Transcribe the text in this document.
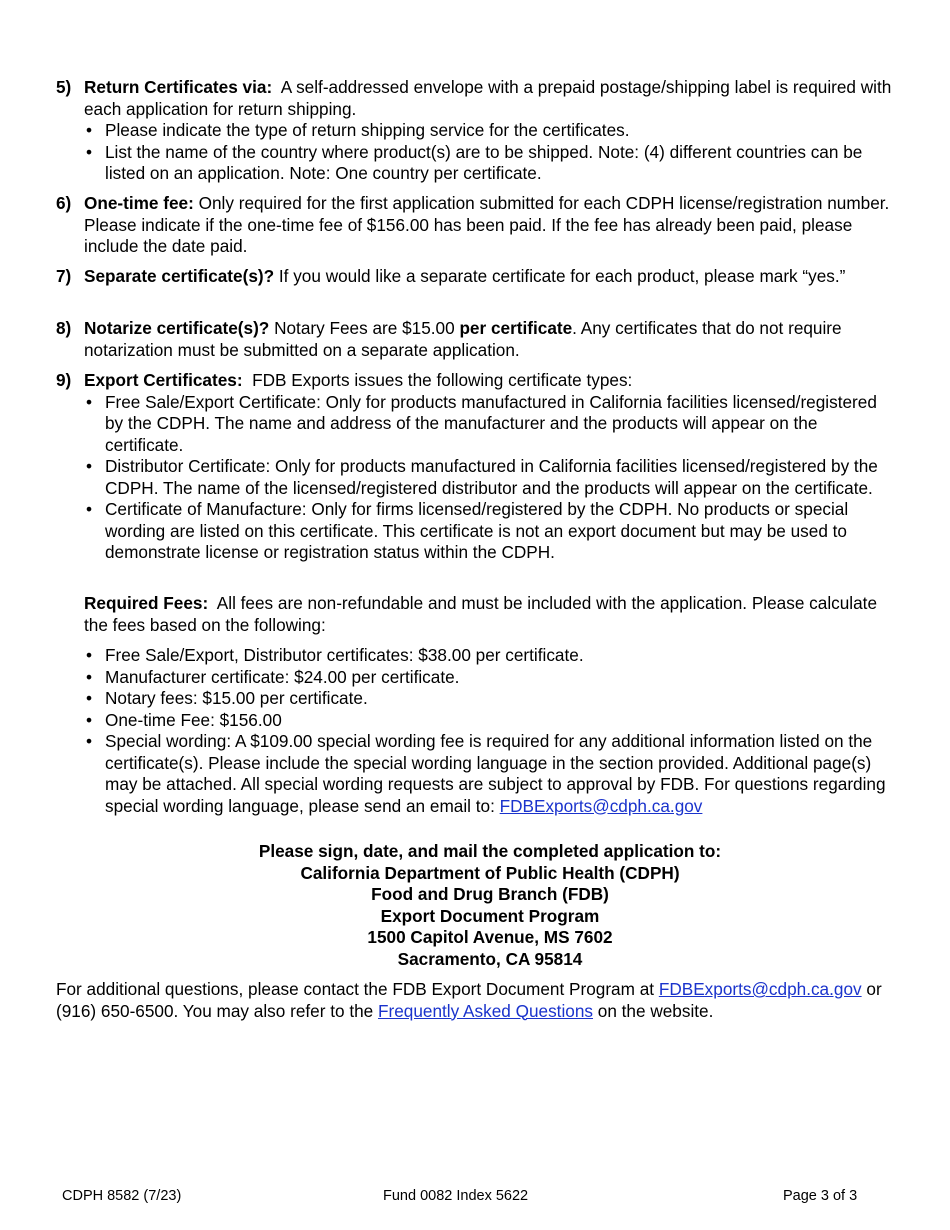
5) Return Certificates via: A self-addressed envelope with a prepaid postage/shipping label is required with each application for return shipping.
• Please indicate the type of return shipping service for the certificates.
• List the name of the country where product(s) are to be shipped. Note: (4) different countries can be listed on an application. Note: One country per certificate.
6) One-time fee: Only required for the first application submitted for each CDPH license/registration number. Please indicate if the one-time fee of $156.00 has been paid. If the fee has already been paid, please include the date paid.
7) Separate certificate(s)? If you would like a separate certificate for each product, please mark “yes.”
8) Notarize certificate(s)? Notary Fees are $15.00 per certificate. Any certificates that do not require notarization must be submitted on a separate application.
9) Export Certificates: FDB Exports issues the following certificate types:
• Free Sale/Export Certificate: Only for products manufactured in California facilities licensed/registered by the CDPH. The name and address of the manufacturer and the products will appear on the certificate.
• Distributor Certificate: Only for products manufactured in California facilities licensed/registered by the CDPH. The name of the licensed/registered distributor and the products will appear on the certificate.
• Certificate of Manufacture: Only for firms licensed/registered by the CDPH. No products or special wording are listed on this certificate. This certificate is not an export document but may be used to demonstrate license or registration status within the CDPH.
Required Fees: All fees are non-refundable and must be included with the application. Please calculate the fees based on the following:
• Free Sale/Export, Distributor certificates: $38.00 per certificate.
• Manufacturer certificate: $24.00 per certificate.
• Notary fees: $15.00 per certificate.
• One-time Fee: $156.00
• Special wording: A $109.00 special wording fee is required for any additional information listed on the certificate(s). Please include the special wording language in the section provided. Additional page(s) may be attached. All special wording requests are subject to approval by FDB. For questions regarding special wording language, please send an email to: FDBExports@cdph.ca.gov
Please sign, date, and mail the completed application to:
California Department of Public Health (CDPH)
Food and Drug Branch (FDB)
Export Document Program
1500 Capitol Avenue, MS 7602
Sacramento, CA 95814
For additional questions, please contact the FDB Export Document Program at FDBExports@cdph.ca.gov or (916) 650-6500. You may also refer to the Frequently Asked Questions on the website.
CDPH 8582 (7/23)	Fund 0082 Index 5622	Page 3 of 3
